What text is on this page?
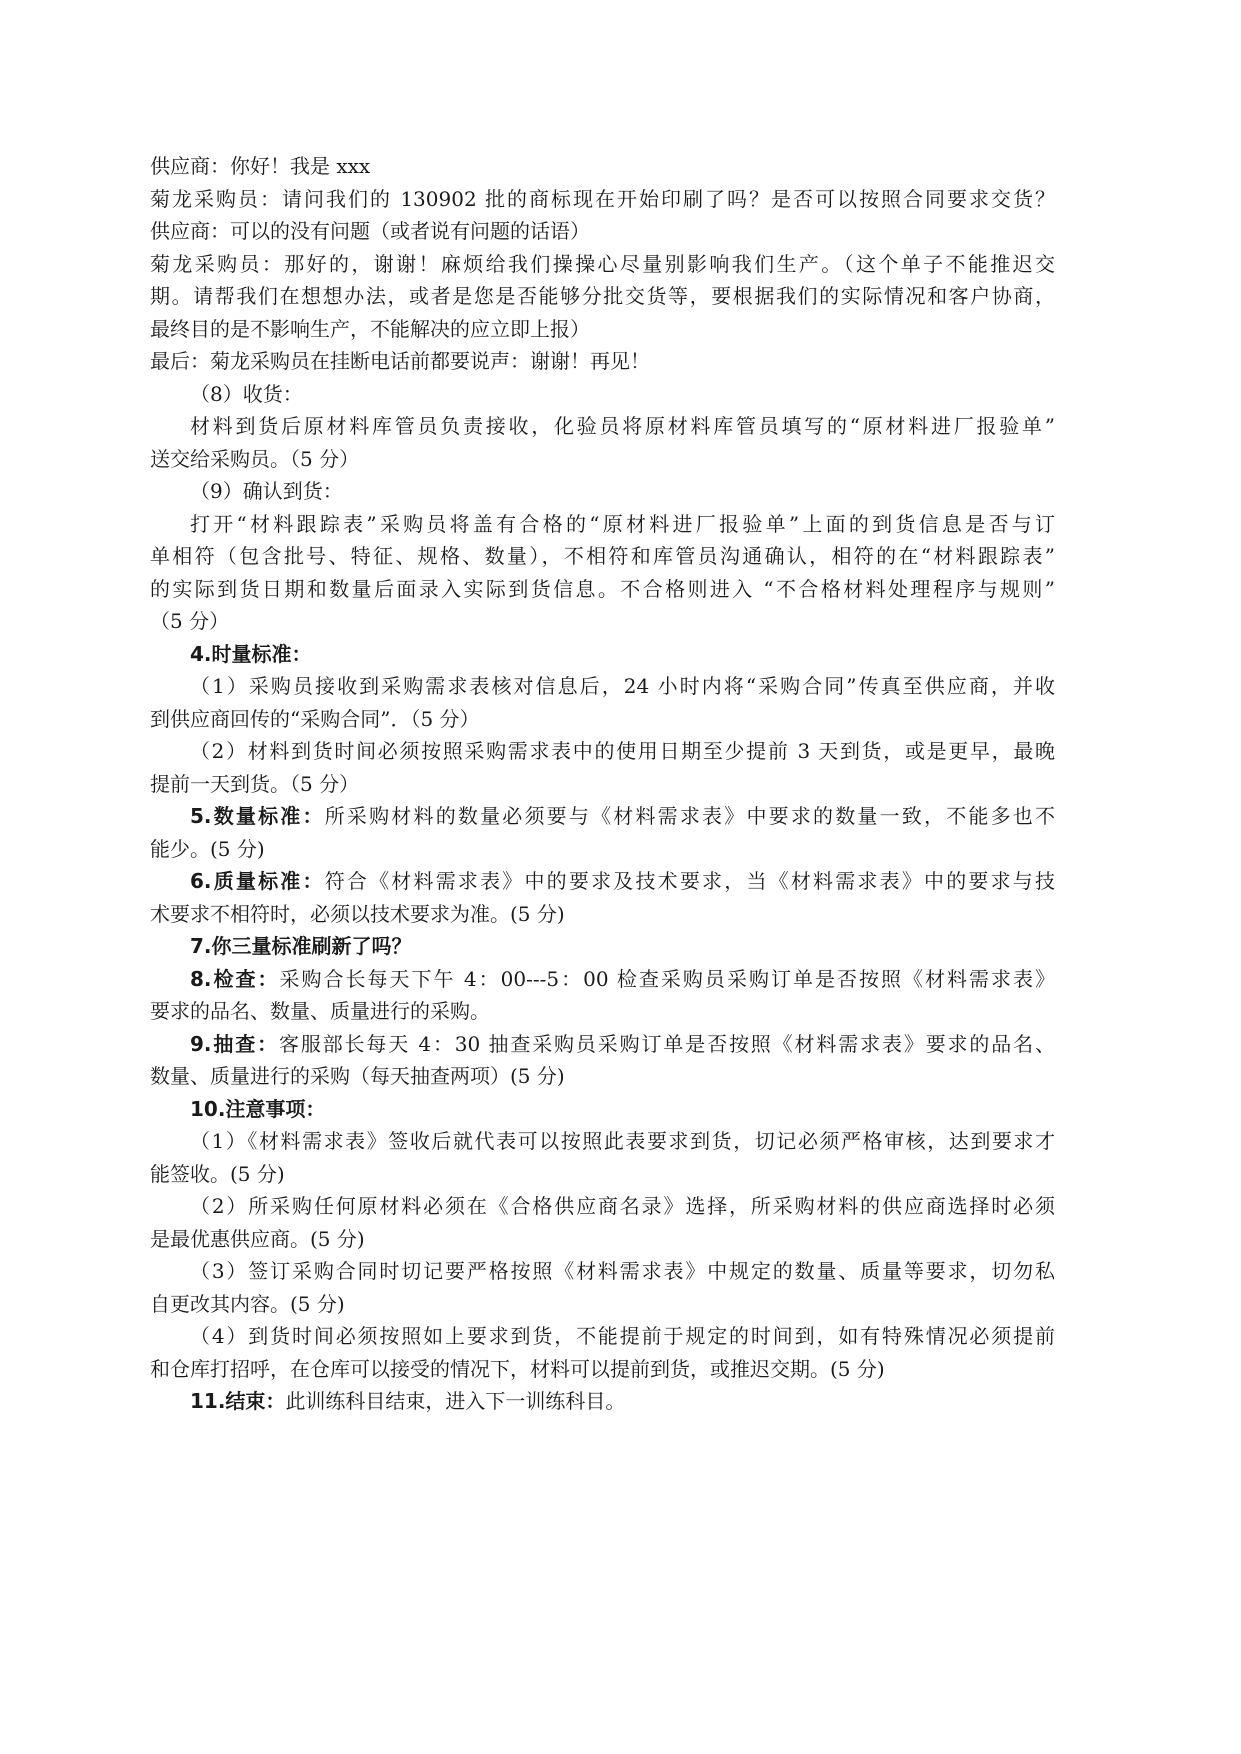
供应商：你好！我是 xxx
菊龙采购员：请问我们的 130902 批的商标现在开始印刷了吗？是否可以按照合同要求交货？
供应商：可以的没有问题（或者说有问题的话语）
菊龙采购员：那好的，谢谢！麻烦给我们操操心尽量别影响我们生产。（这个单子不能推迟交
期。请帮我们在想想办法，或者是您是否能够分批交货等，要根据我们的实际情况和客户协商，
最终目的是不影响生产，不能解决的应立即上报）
最后：菊龙采购员在挂断电话前都要说声：谢谢！再见！
（8）收货：
材料到货后原材料库管员负责接收，化验员将原材料库管员填写的“原材料进厂报验单”
送交给采购员。（5 分）
（9）确认到货：
打开“材料跟踪表”采购员将盖有合格的“原材料进厂报验单”上面的到货信息是否与订
单相符（包含批号、特征、规格、数量），不相符和库管员沟通确认，相符的在“材料跟踪表”
的实际到货日期和数量后面录入实际到货信息。不合格则进入 “不合格材料处理程序与规则”
（5 分）
4.时量标准：
（1）采购员接收到采购需求表核对信息后，24 小时内将“采购合同”传真至供应商，并收
到供应商回传的“采购合同”．（5 分）
（2）材料到货时间必须按照采购需求表中的使用日期至少提前 3 天到货，或是更早，最晚
提前一天到货。（5 分）
5.数量标准：所采购材料的数量必须要与《材料需求表》中要求的数量一致，不能多也不
能少。(5 分)
6.质量标准：符合《材料需求表》中的要求及技术要求，当《材料需求表》中的要求与技
术要求不相符时，必须以技术要求为准。(5 分)
7.你三量标准刷新了吗？
8.检查：采购合长每天下午 4：00---5：00 检查采购员采购订单是否按照《材料需求表》
要求的品名、数量、质量进行的采购。
9.抽查：客服部长每天 4：30 抽查采购员采购订单是否按照《材料需求表》要求的品名、
数量、质量进行的采购（每天抽查两项）(5 分)
10.注意事项：
（1）《材料需求表》签收后就代表可以按照此表要求到货，切记必须严格审核，达到要求才
能签收。(5 分)
（2）所采购任何原材料必须在《合格供应商名录》选择，所采购材料的供应商选择时必须
是最优惠供应商。(5 分)
（3）签订采购合同时切记要严格按照《材料需求表》中规定的数量、质量等要求，切勿私
自更改其内容。(5 分)
（4）到货时间必须按照如上要求到货，不能提前于规定的时间到，如有特殊情况必须提前
和仓库打招呼，在仓库可以接受的情况下，材料可以提前到货，或推迟交期。(5 分)
11.结束：此训练科目结束，进入下一训练科目。
